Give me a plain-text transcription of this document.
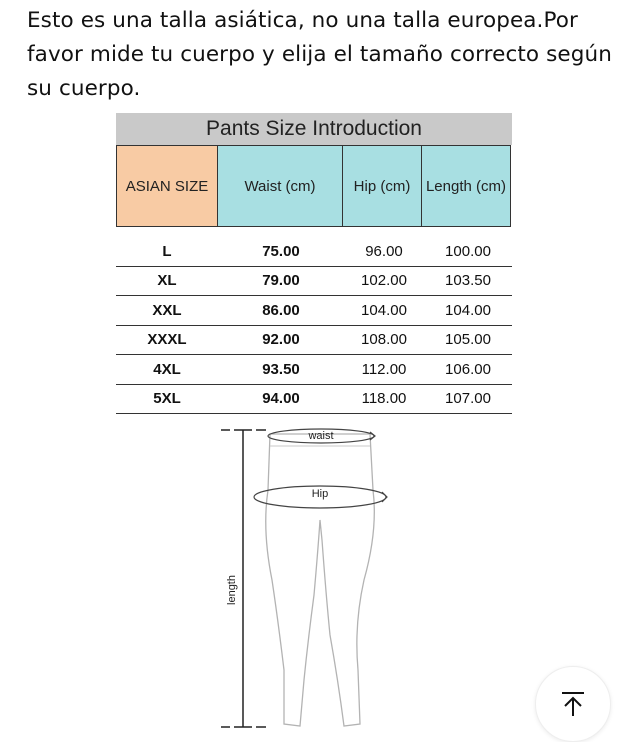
Esto es una talla asiática, no una talla europea.Por favor mide tu cuerpo y elija el tamaño correcto según su cuerpo.
Pants Size Introduction
ASIAN SIZE	Waist (cm)	Hip (cm)	Length (cm)
L	75.00	96.00	100.00
XL	79.00	102.00	103.50
XXL	86.00	104.00	104.00
XXXL	92.00	108.00	105.00
4XL	93.50	112.00	106.00
5XL	94.00	118.00	107.00
length
waist
Hip
